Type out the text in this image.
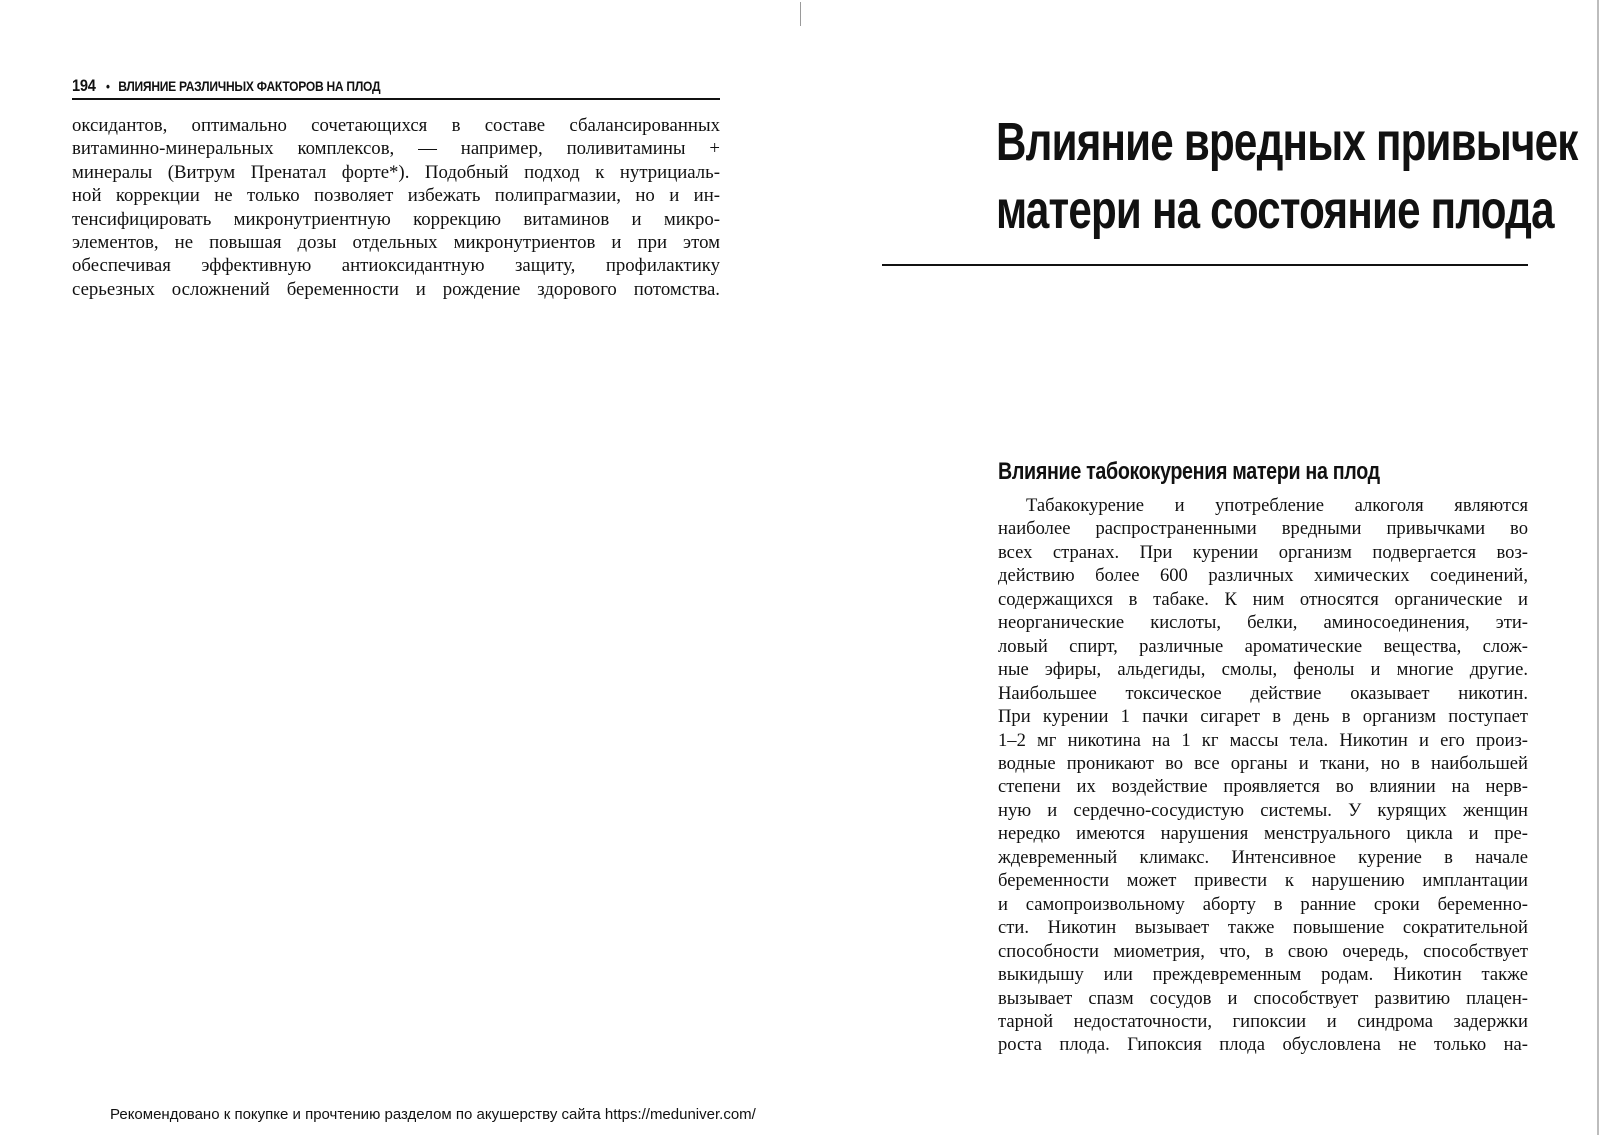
194 • ВЛИЯНИЕ РАЗЛИЧНЫХ ФАКТОРОВ НА ПЛОД
оксидантов, оптимально сочетающихся в составе сбалансированных
витаминно-минеральных комплексов, — например, поливитамины +
минералы (Витрум Пренатал форте*). Подобный подход к нутрициаль-
ной коррекции не только позволяет избежать полипрагмазии, но и ин-
тенсифицировать микронутриентную коррекцию витаминов и микро-
элементов, не повышая дозы отдельных микронутриентов и при этом
обеспечивая эффективную антиоксидантную защиту, профилактику
серьезных осложнений беременности и рождение здорового потомства.
Влияние вредных привычек
матери на состояние плода
Влияние табококурения матери на плод
Табакокурение и употребление алкоголя являются
наиболее распространенными вредными привычками во
всех странах. При курении организм подвергается воз-
действию более 600 различных химических соединений,
содержащихся в табаке. К ним относятся органические и
неорганические кислоты, белки, аминосоединения, эти-
ловый спирт, различные ароматические вещества, слож-
ные эфиры, альдегиды, смолы, фенолы и многие другие.
Наибольшее токсическое действие оказывает никотин.
При курении 1 пачки сигарет в день в организм поступает
1–2 мг никотина на 1 кг массы тела. Никотин и его произ-
водные проникают во все органы и ткани, но в наибольшей
степени их воздействие проявляется во влиянии на нерв-
ную и сердечно-сосудистую системы. У курящих женщин
нередко имеются нарушения менструального цикла и пре-
ждевременный климакс. Интенсивное курение в начале
беременности может привести к нарушению имплантации
и самопроизвольному аборту в ранние сроки беременно-
сти. Никотин вызывает также повышение сократительной
способности миометрия, что, в свою очередь, способствует
выкидышу или преждевременным родам. Никотин также
вызывает спазм сосудов и способствует развитию плацен-
тарной недостаточности, гипоксии и синдрома задержки
роста плода. Гипоксия плода обусловлена не только на-
Рекомендовано к покупке и прочтению разделом по акушерству сайта https://meduniver.com/
